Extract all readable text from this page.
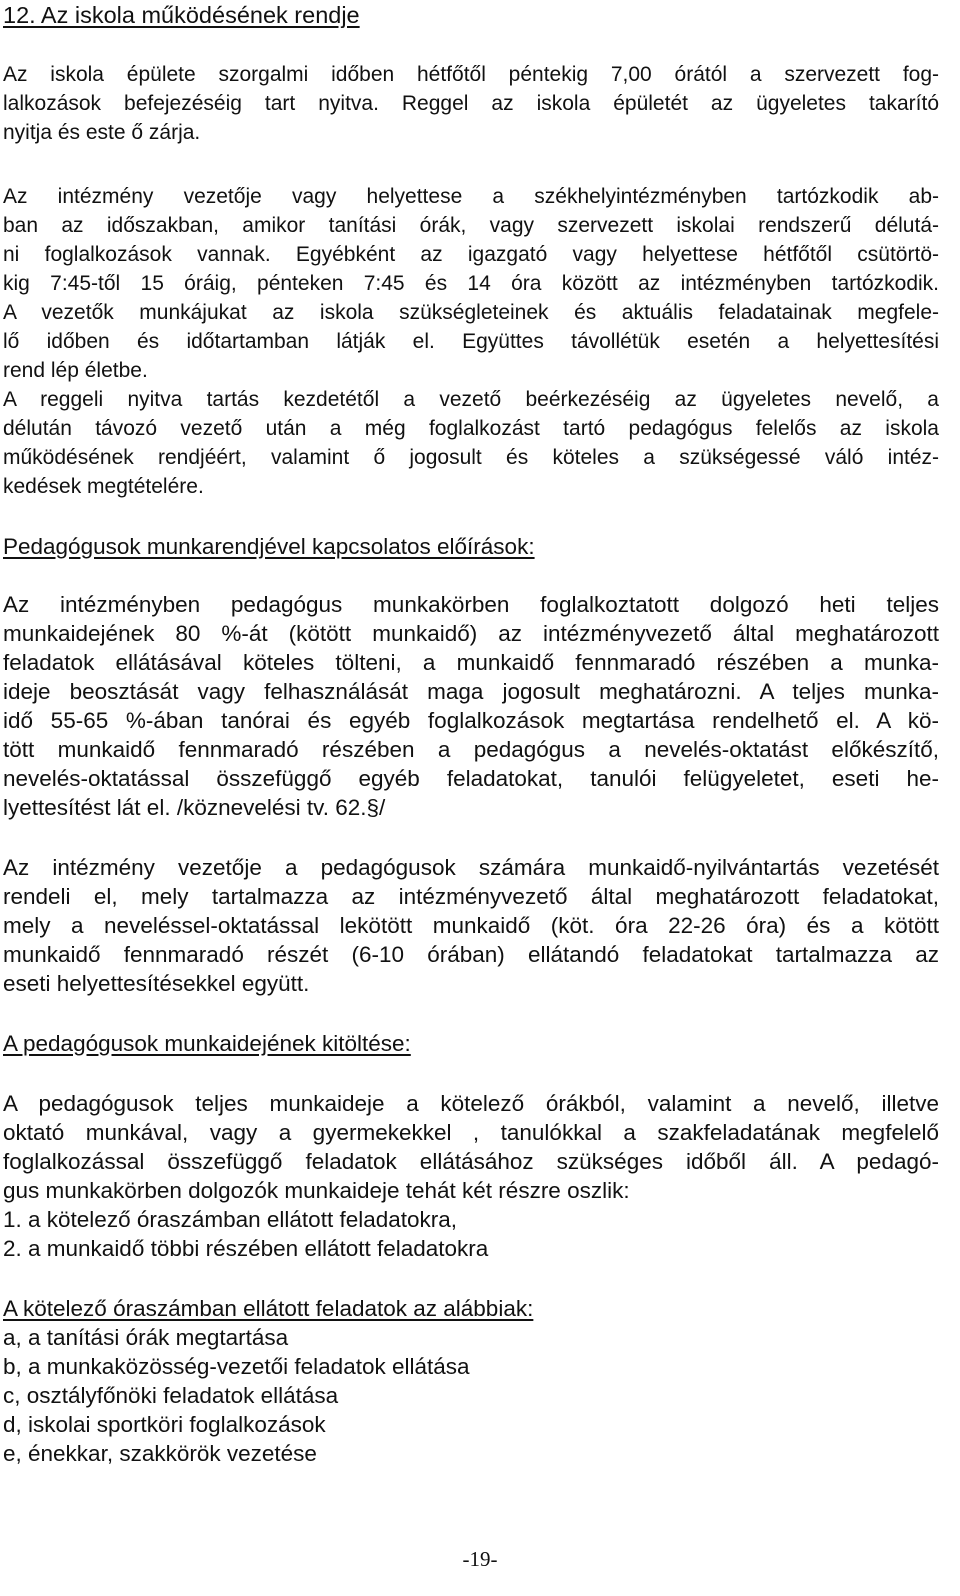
12. Az iskola működésének rendje
Az iskola épülete szorgalmi időben hétfőtől péntekig 7,00 órától a szervezett fog-
lalkozások befejezéséig tart nyitva. Reggel az iskola épületét az ügyeletes takarító
nyitja és este ő zárja.
Az intézmény vezetője vagy helyettese a székhelyintézményben tartózkodik ab-
ban az időszakban, amikor tanítási órák, vagy szervezett iskolai rendszerű délutá-
ni foglalkozások vannak. Egyébként az igazgató vagy helyettese hétfőtől csütörtö-
kig 7:45-től 15 óráig, pénteken 7:45 és 14 óra között az intézményben tartózkodik.
A vezetők munkájukat az iskola szükségleteinek és aktuális feladatainak megfele-
lő időben és időtartamban látják el. Együttes távollétük esetén a helyettesítési
rend lép életbe.
A reggeli nyitva tartás kezdetétől a vezető beérkezéséig az ügyeletes nevelő, a
délután távozó vezető után a még foglalkozást tartó pedagógus felelős az iskola
működésének rendjéért, valamint ő jogosult és köteles a szükségessé váló intéz-
kedések megtételére.
Pedagógusok munkarendjével kapcsolatos előírások:
Az intézményben pedagógus munkakörben foglalkoztatott dolgozó heti teljes
munkaidejének 80 %-át (kötött munkaidő) az intézményvezető által meghatározott
feladatok ellátásával köteles tölteni, a munkaidő fennmaradó részében a munka-
ideje beosztását vagy felhasználását maga jogosult meghatározni. A teljes munka-
idő 55-65 %-ában tanórai és egyéb foglalkozások megtartása rendelhető el. A kö-
tött munkaidő fennmaradó részében a pedagógus a nevelés-oktatást előkészítő,
nevelés-oktatással összefüggő egyéb feladatokat, tanulói felügyeletet, eseti he-
lyettesítést lát el. /köznevelési tv. 62.§/
Az intézmény vezetője a pedagógusok számára munkaidő-nyilvántartás vezetését
rendeli el, mely tartalmazza az intézményvezető által meghatározott feladatokat,
mely a neveléssel-oktatással lekötött munkaidő (köt. óra 22-26 óra) és a kötött
munkaidő fennmaradó részét (6-10 órában) ellátandó feladatokat tartalmazza az
eseti helyettesítésekkel együtt.
A pedagógusok munkaidejének kitöltése:
A pedagógusok teljes munkaideje a kötelező órákból, valamint a nevelő, illetve
oktató munkával, vagy a gyermekekkel , tanulókkal a szakfeladatának megfelelő
foglalkozással összefüggő feladatok ellátásához szükséges időből áll. A pedagó-
gus munkakörben dolgozók munkaideje tehát két részre oszlik:
1. a kötelező óraszámban ellátott feladatokra,
2. a munkaidő többi részében ellátott feladatokra
A kötelező óraszámban ellátott feladatok az alábbiak:
a, a tanítási órák megtartása
b, a munkaközösség-vezetői feladatok ellátása
c, osztályfőnöki feladatok ellátása
d, iskolai sportköri foglalkozások
e, énekkar, szakkörök vezetése
-19-
